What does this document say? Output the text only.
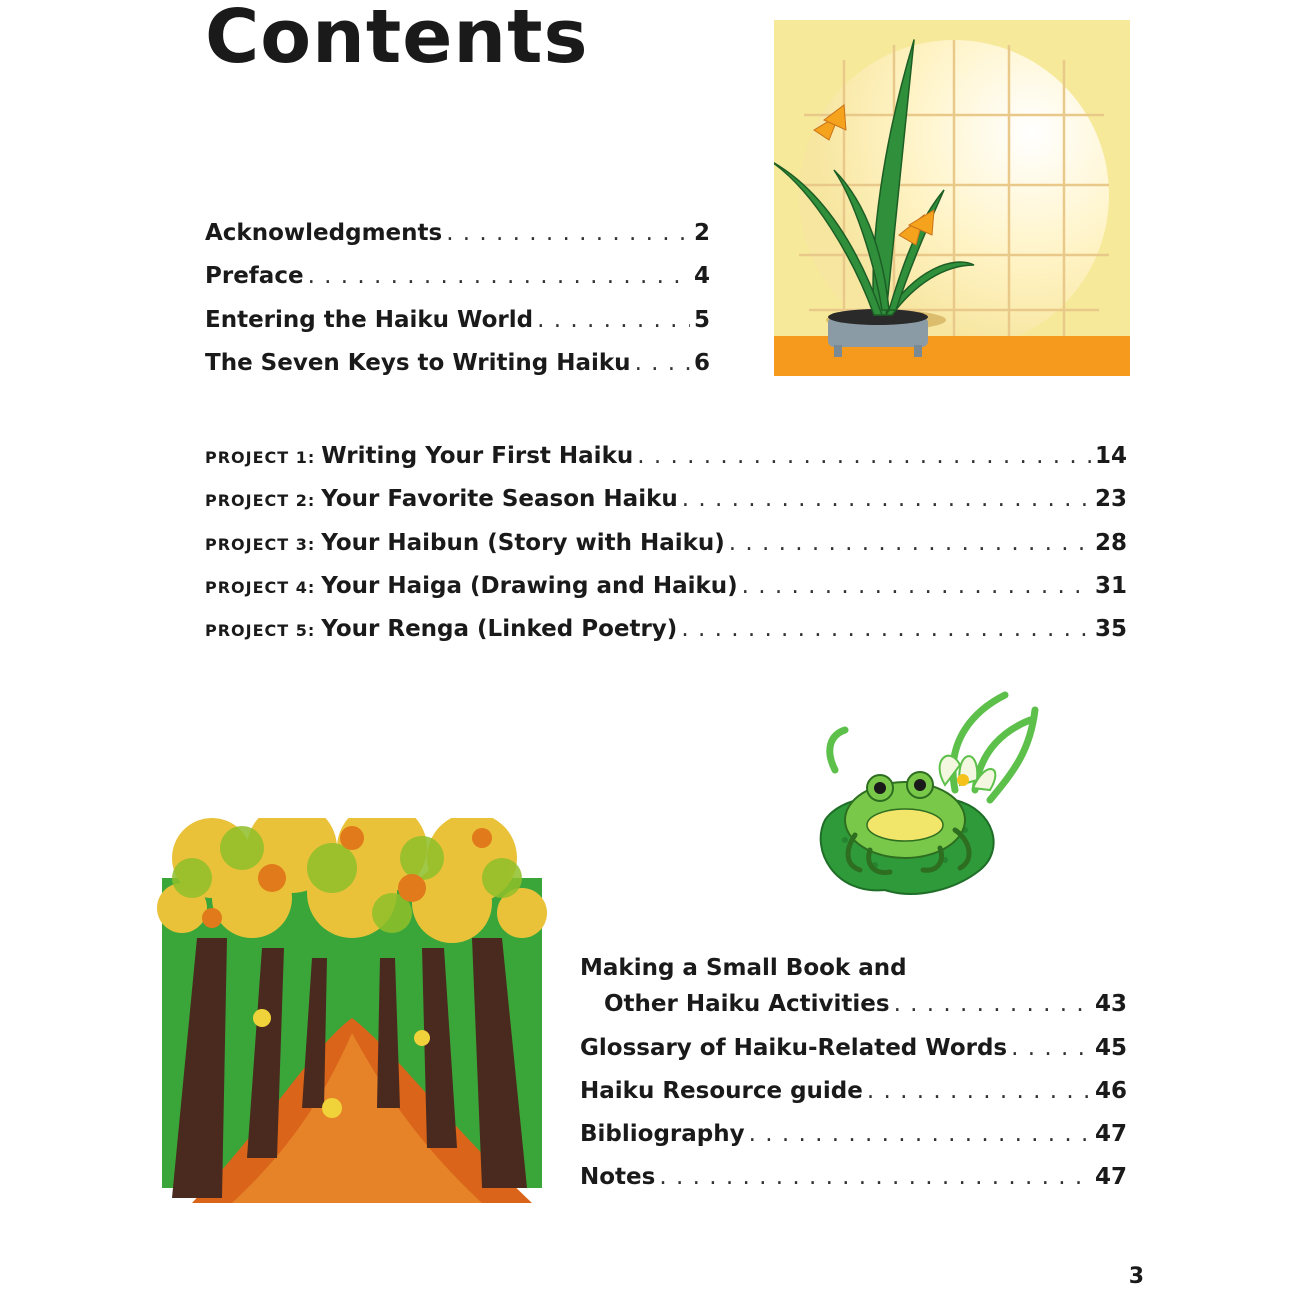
Contents
Acknowledgments . . .	2
Preface . . .	4
Entering the Haiku World . . .	5
The Seven Keys to Writing Haiku . . .	6
PROJECT 1: Writing Your First Haiku . . .	14
PROJECT 2: Your Favorite Season Haiku . . .	23
PROJECT 3: Your Haibun (Story with Haiku) . . .	28
PROJECT 4: Your Haiga (Drawing and Haiku) . . .	31
PROJECT 5: Your Renga (Linked Poetry) . . .	35
Making a Small Book and
Other Haiku Activities . . .	43
Glossary of Haiku-Related Words . . .	45
Haiku Resource guide . . .	46
Bibliography . . .	47
Notes . . .	47
3
